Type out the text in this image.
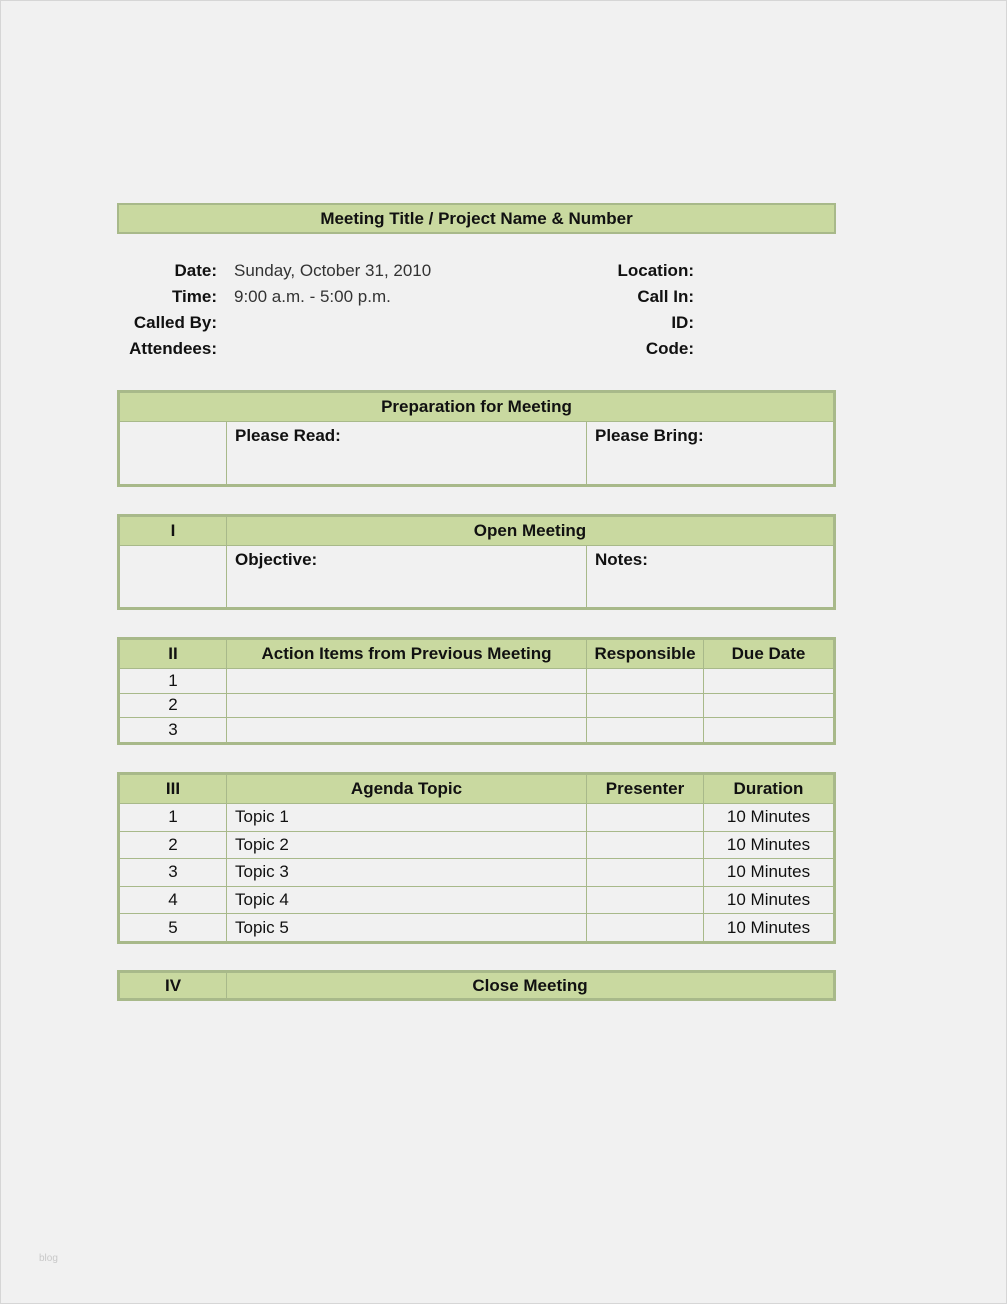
Meeting Title / Project Name & Number
Date: Sunday, October 31, 2010
Time: 9:00 a.m. - 5:00 p.m.
Called By:
Attendees:
Location:
Call In:
ID:
Code:
Preparation for Meeting
	Please Read:	Please Bring:
I	Open Meeting	
	Objective:	Notes:
II	Action Items from Previous Meeting	Responsible	Due Date
1			
2			
3			
III	Agenda Topic	Presenter	Duration
1	Topic 1		10 Minutes
2	Topic 2		10 Minutes
3	Topic 3		10 Minutes
4	Topic 4		10 Minutes
5	Topic 5		10 Minutes
IV	Close Meeting
blog
